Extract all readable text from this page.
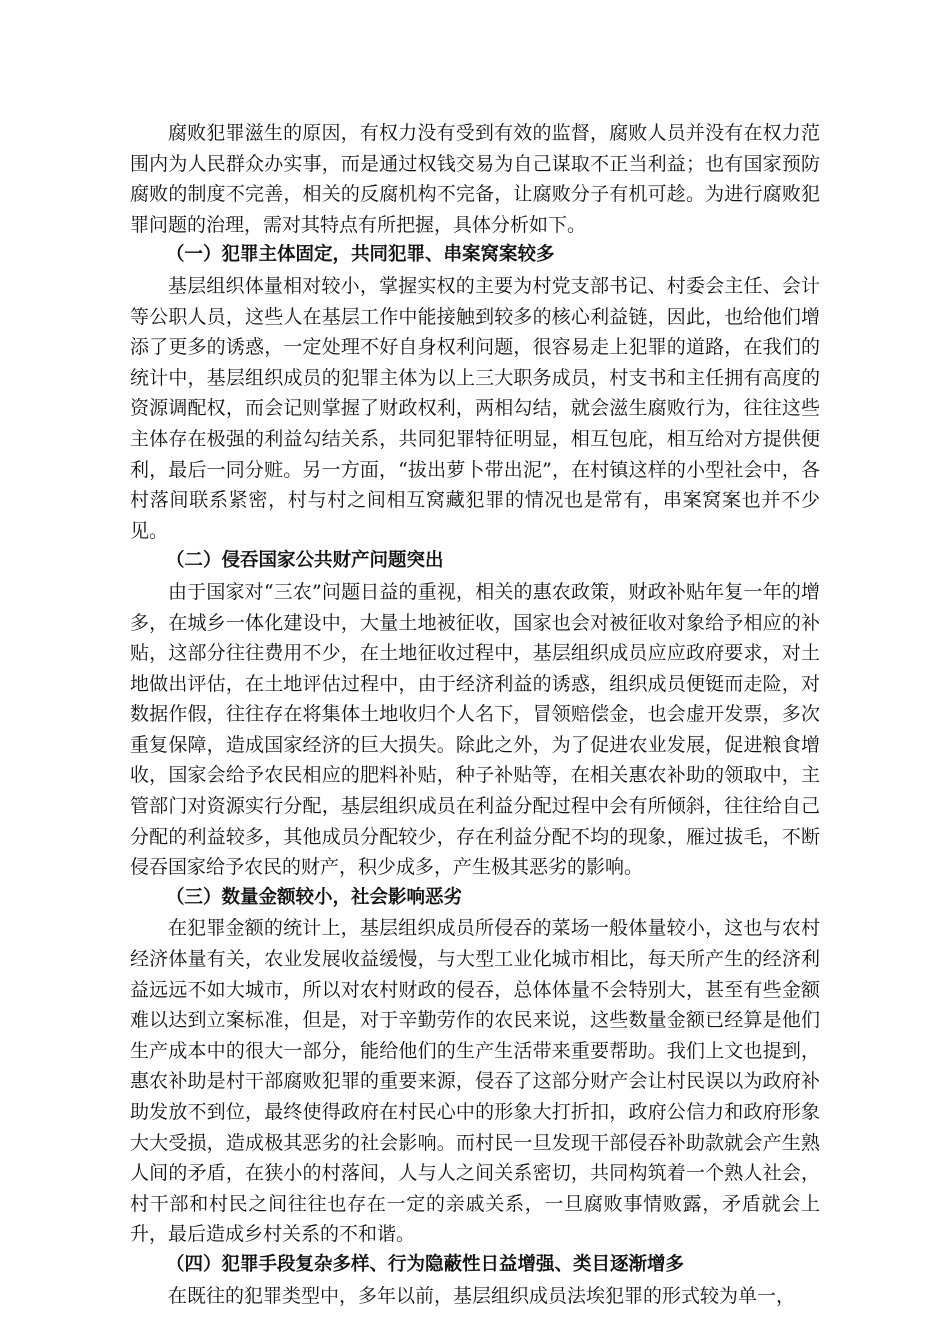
腐败犯罪滋生的原因，有权力没有受到有效的监督，腐败人员并没有在权力范围内为人民群众办实事，而是通过权钱交易为自己谋取不正当利益；也有国家预防腐败的制度不完善，相关的反腐机构不完备，让腐败分子有机可趁。为进行腐败犯罪问题的治理，需对其特点有所把握，具体分析如下。

（一）犯罪主体固定，共同犯罪、串案窝案较多

基层组织体量相对较小，掌握实权的主要为村党支部书记、村委会主任、会计等公职人员，这些人在基层工作中能接触到较多的核心利益链，因此，也给他们增添了更多的诱惑，一定处理不好自身权利问题，很容易走上犯罪的道路，在我们的统计中，基层组织成员的犯罪主体为以上三大职务成员，村支书和主任拥有高度的资源调配权，而会记则掌握了财政权利，两相勾结，就会滋生腐败行为，往往这些主体存在极强的利益勾结关系，共同犯罪特征明显，相互包庇，相互给对方提供便利，最后一同分赃。另一方面，“拔出萝卜带出泥”，在村镇这样的小型社会中，各村落间联系紧密，村与村之间相互窝藏犯罪的情况也是常有，串案窝案也并不少见。

（二）侵吞国家公共财产问题突出

由于国家对“三农”问题日益的重视，相关的惠农政策，财政补贴年复一年的增多，在城乡一体化建设中，大量土地被征收，国家也会对被征收对象给予相应的补贴，这部分往往费用不少，在土地征收过程中，基层组织成员应应政府要求，对土地做出评估，在土地评估过程中，由于经济利益的诱惑，组织成员便铤而走险，对数据作假，往往存在将集体土地收归个人名下，冒领赔偿金，也会虚开发票，多次重复保障，造成国家经济的巨大损失。除此之外，为了促进农业发展，促进粮食增收，国家会给予农民相应的肥料补贴，种子补贴等，在相关惠农补助的领取中，主管部门对资源实行分配，基层组织成员在利益分配过程中会有所倾斜，往往给自己分配的利益较多，其他成员分配较少，存在利益分配不均的现象，雁过拔毛，不断侵吞国家给予农民的财产，积少成多，产生极其恶劣的影响。

（三）数量金额较小，社会影响恶劣

在犯罪金额的统计上，基层组织成员所侵吞的菜场一般体量较小，这也与农村经济体量有关，农业发展收益缓慢，与大型工业化城市相比，每天所产生的经济利益远远不如大城市，所以对农村财政的侵吞，总体体量不会特别大，甚至有些金额难以达到立案标准，但是，对于辛勤劳作的农民来说，这些数量金额已经算是他们生产成本中的很大一部分，能给他们的生产生活带来重要帮助。我们上文也提到，惠农补助是村干部腐败犯罪的重要来源，侵吞了这部分财产会让村民误以为政府补助发放不到位，最终使得政府在村民心中的形象大打折扣，政府公信力和政府形象大大受损，造成极其恶劣的社会影响。而村民一旦发现干部侵吞补助款就会产生熟人间的矛盾，在狭小的村落间，人与人之间关系密切，共同构筑着一个熟人社会，村干部和村民之间往往也存在一定的亲戚关系，一旦腐败事情败露，矛盾就会上升，最后造成乡村关系的不和谐。

（四）犯罪手段复杂多样、行为隐蔽性日益增强、类目逐渐增多

在既往的犯罪类型中，多年以前，基层组织成员法埃犯罪的形式较为单一，
